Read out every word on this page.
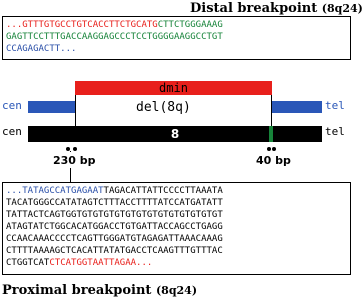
Distal breakpoint (8q24)
...GTTTGTGCCTGTCACCTTCTGCATGCTTCTGGGAAAG
GAGTTCCTTTGACCAAGGAGCCCTCCTGGGGAAGGCCTGT
CCAGAGACTT...
dmin
cen	del(8q)	tel
cen	8	tel
230 bp	40 bp
...TATAGCCATGAGAATTAGACATTATTCCCCTTAAATA
TACATGGGCCATATAGTCTTTACCTTTTATCCATGATATT
TATTACTCAGTGGTGTGTGTGTGTGTGTGTGTGTGTGTGT
ATAGTATCTGGCACATGGACCTGTGATTACCAGCCTGAGG
CCAACAAACCCCTCAGTTGGGATGTAGAGATTAAACAAAG
CTTTTAAAAGCTCACATTATATGACCTCAAGTTTGTTTAC
CTGGTCATCTCATGGTAATTAGAA...
Proximal breakpoint (8q24)
